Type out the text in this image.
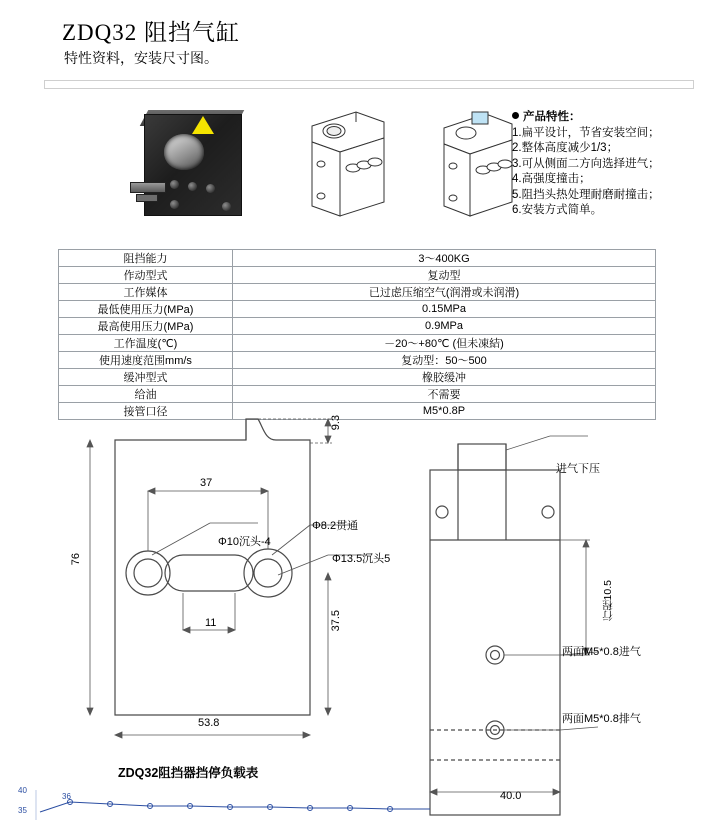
ZDQ32 阻挡气缸
特性资料，安装尺寸图。
产品特性：
1.扁平设计，节省安装空间；
2.整体高度减少1/3；
3.可从侧面二方向选择进气；
4.高强度撞击；
5.阻挡头热处理耐磨耐撞击；
6.安装方式简单。
阻挡能力	3～400KG
作动型式	复动型
工作媒体	已过虑压缩空气(润滑或未润滑)
最低使用压力(MPa)	0.15MPa
最高使用压力(MPa)	0.9MPa
工作温度(℃)	－20～+80℃ (但未凍結)
使用速度范围mm/s	复动型：50～500
缓冲型式	橡胶缓冲
给油	不需要
接管口径	M5*0.8P
37
53.8
76
11	37.5
9.3
Φ10沉头-4
Φ8.2贯通
Φ13.5沉头5
40.0
行程10.5
进气下压
两面M5*0.8进气
两面M5*0.8排气
ZDQ32阻挡器挡停负载表
40
35
36
